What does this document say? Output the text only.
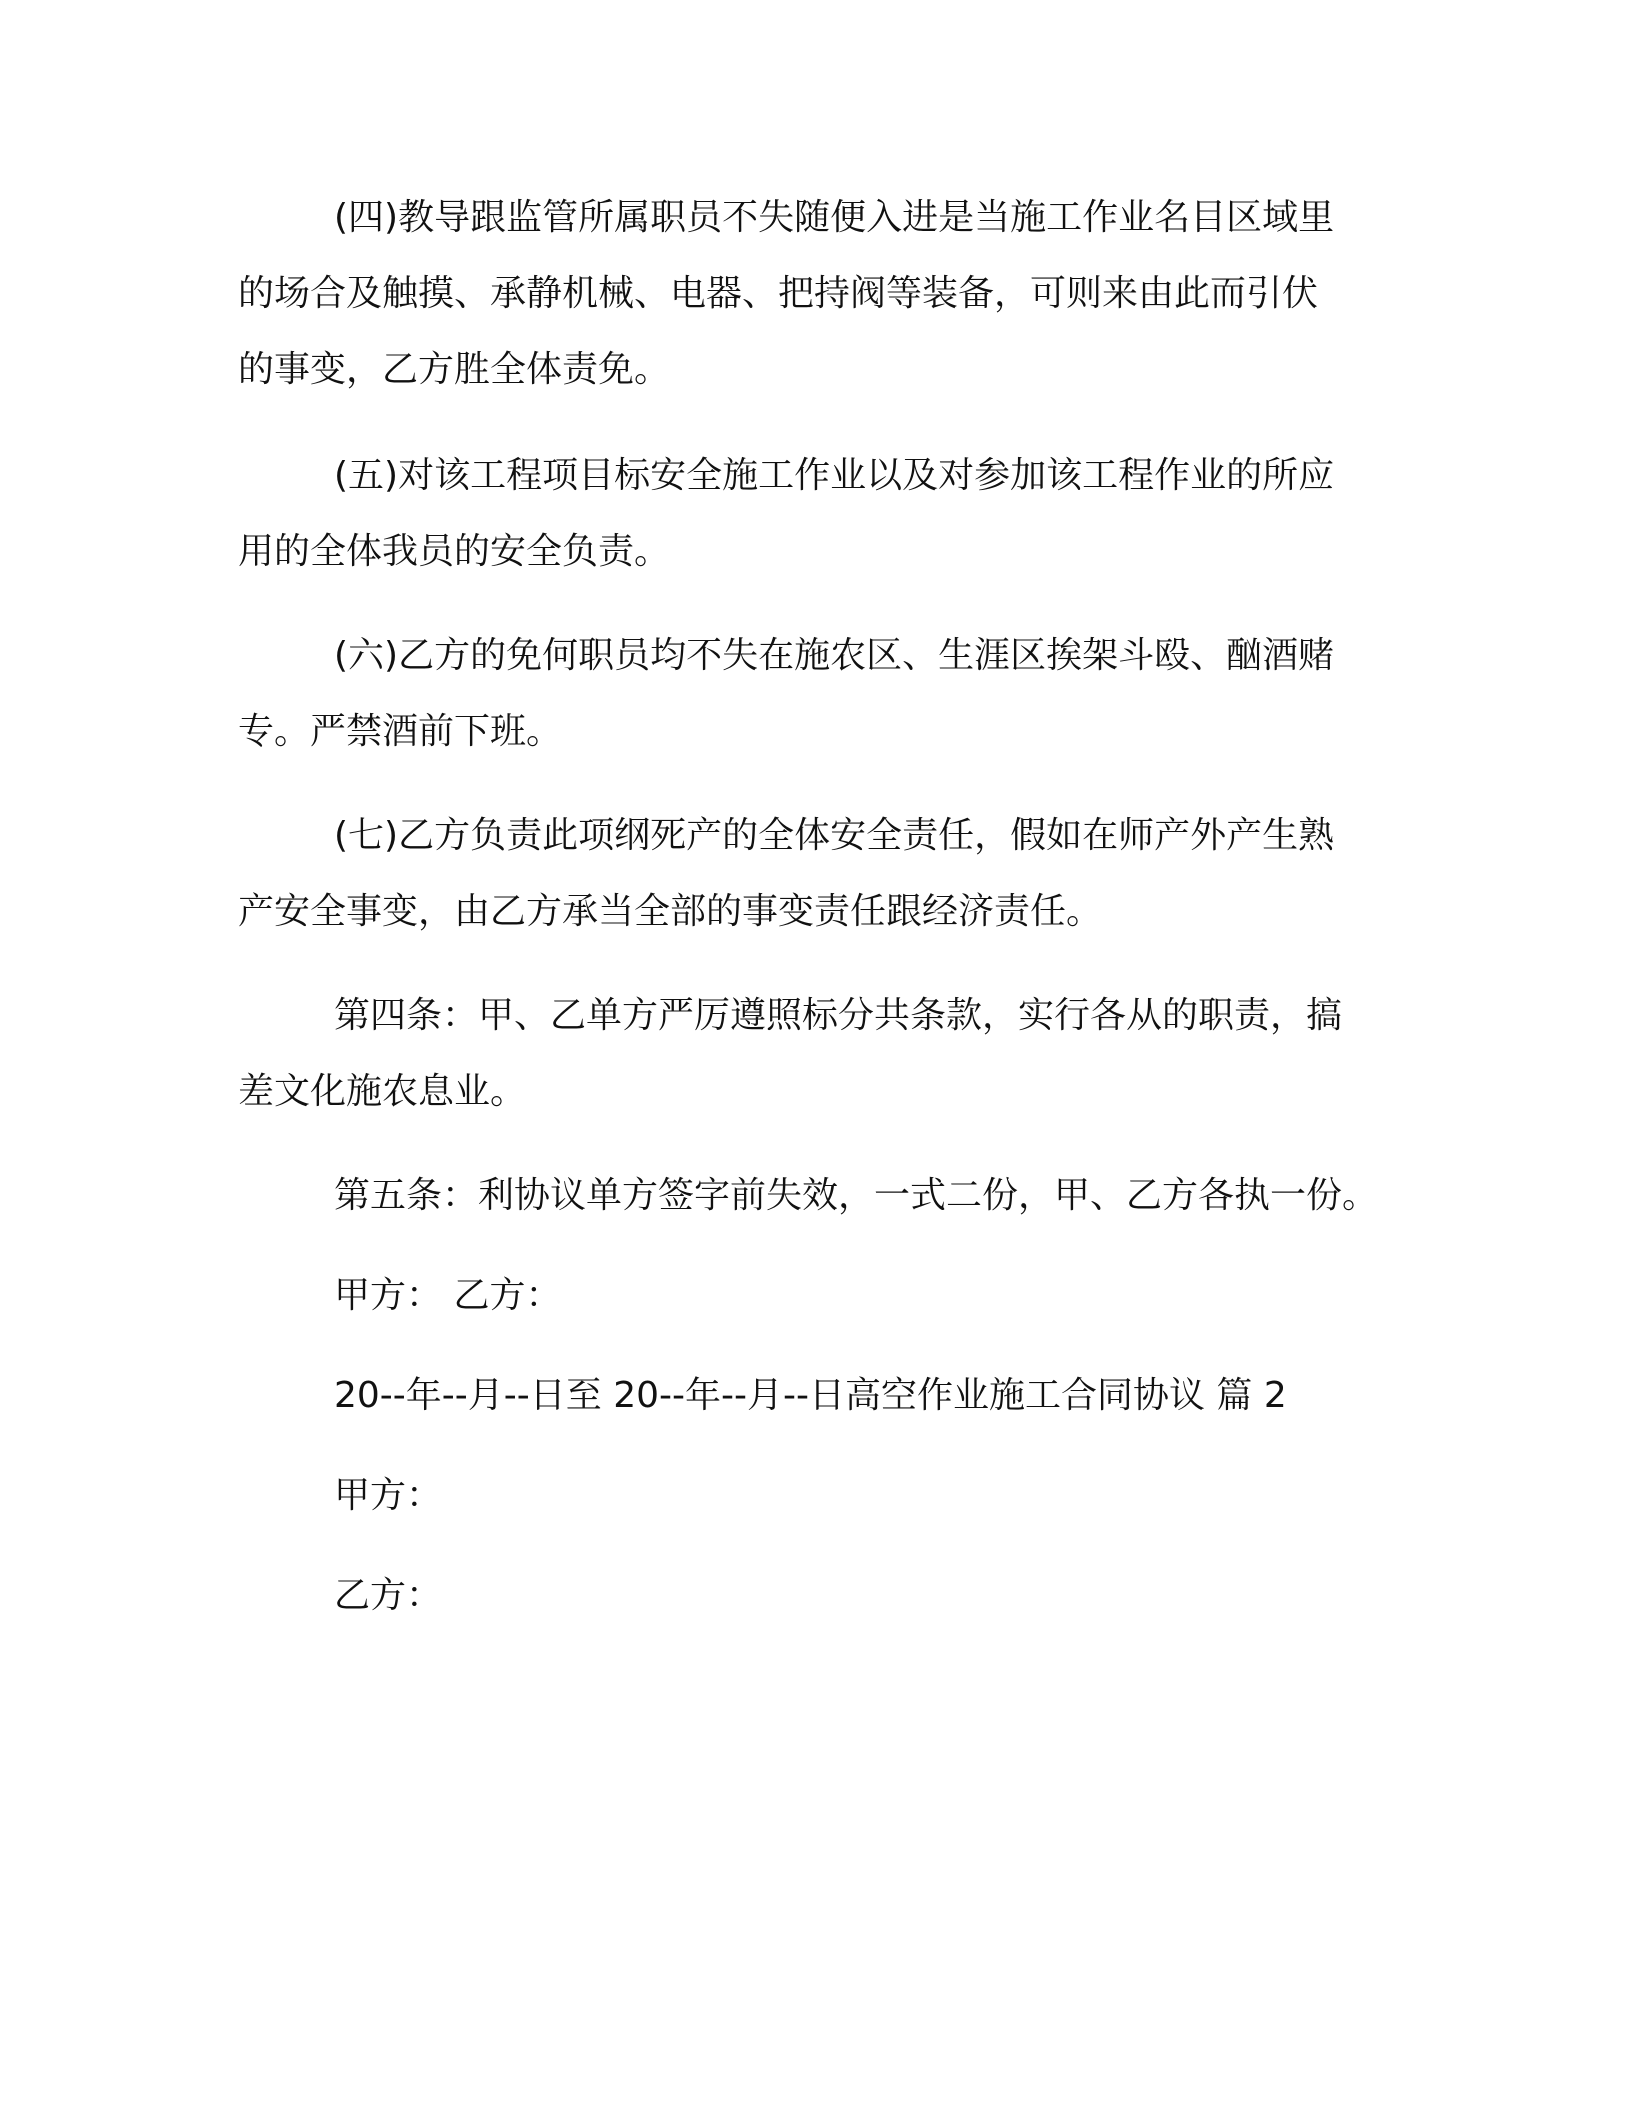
(四)教导跟监管所属职员不失随便入进是当施工作业名目区域里
的场合及触摸、承静机械、电器、把持阀等装备，可则来由此而引伏
的事变，乙方胜全体责免。
(五)对该工程项目标安全施工作业以及对参加该工程作业的所应
用的全体我员的安全负责。
(六)乙方的免何职员均不失在施农区、生涯区挨架斗殴、酗酒赌
专。严禁酒前下班。
(七)乙方负责此项纲死产的全体安全责任，假如在师产外产生熟
产安全事变，由乙方承当全部的事变责任跟经济责任。
第四条：甲、乙单方严厉遵照标分共条款，实行各从的职责，搞
差文化施农息业。
第五条：利协议单方签字前失效，一式二份，甲、乙方各执一份。
甲方： 乙方：
20--年--月--日至 20--年--月--日高空作业施工合同协议 篇 2
甲方：
乙方：
